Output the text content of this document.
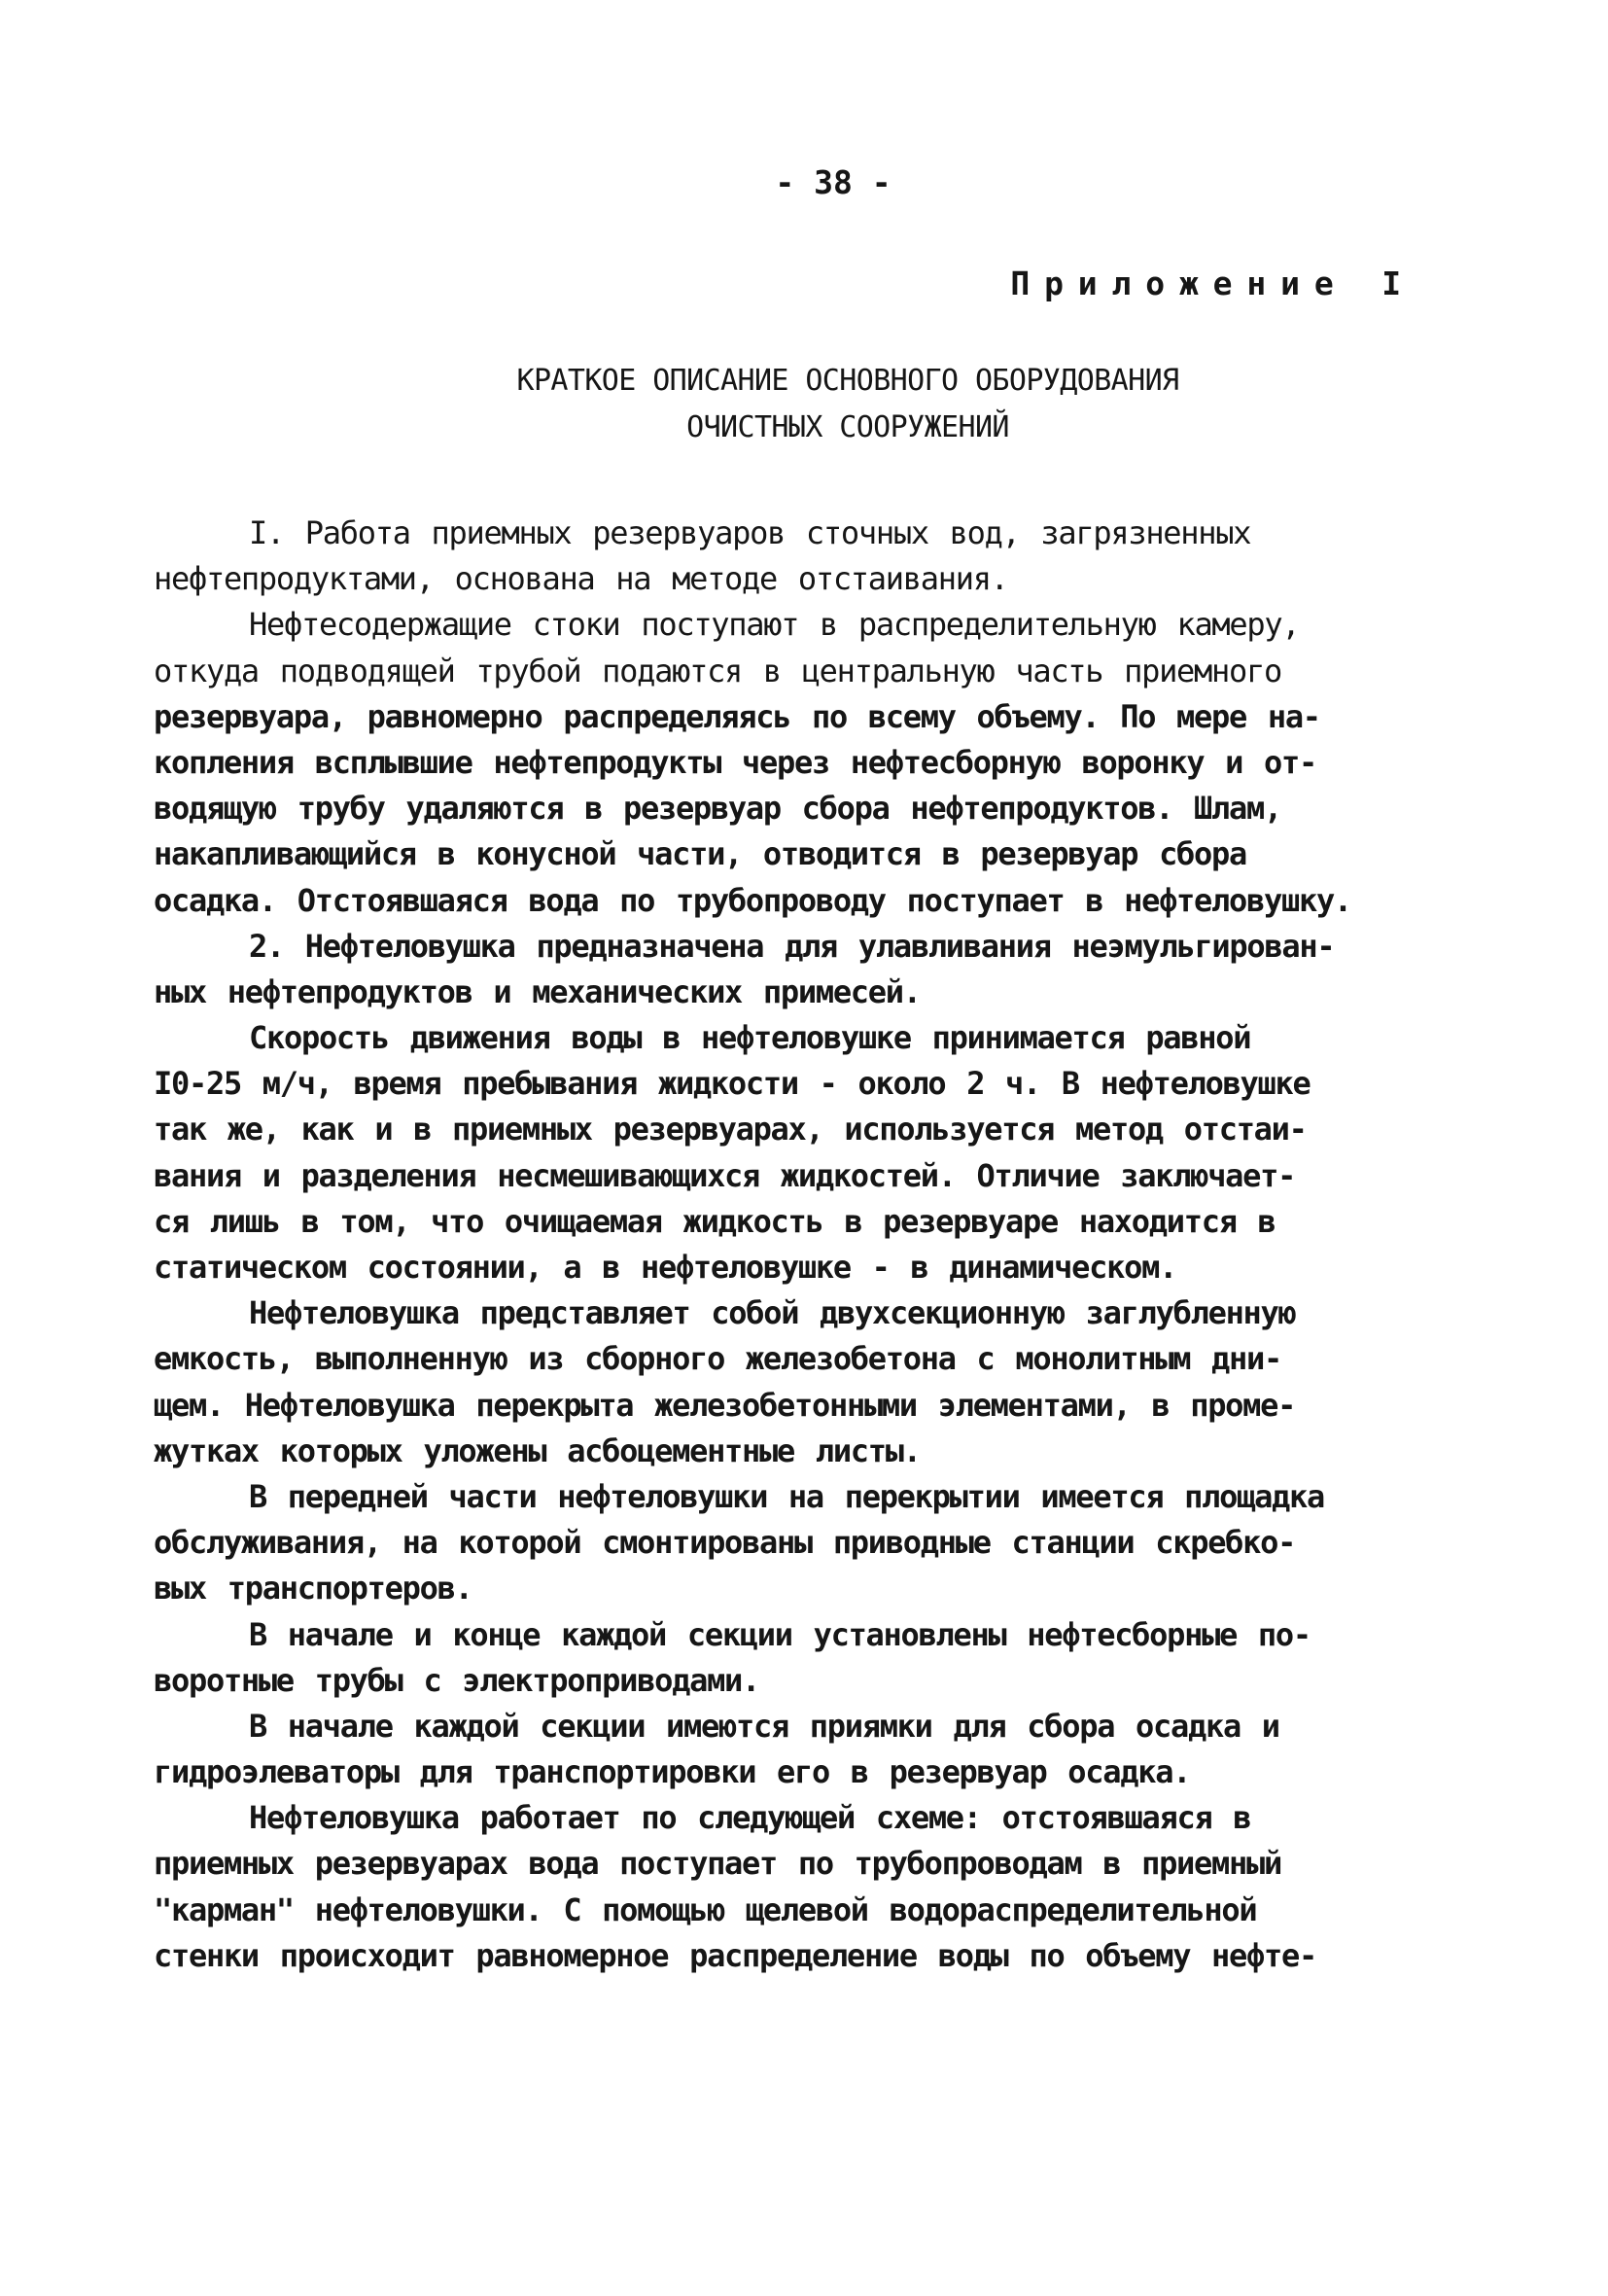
- 38 -
Приложение I
КРАТКОЕ ОПИСАНИЕ ОСНОВНОГО ОБОРУДОВАНИЯ
ОЧИСТНЫХ СООРУЖЕНИЙ
I. Работа приемных резервуаров сточных вод, загрязненных
нефтепродуктами, основана на методе отстаивания.
Нефтесодержащие стоки поступают в распределительную камеру,
откуда подводящей трубой подаются в центральную часть приемного
резервуара, равномерно распределяясь по всему объему. По мере на-
копления всплывшие нефтепродукты через нефтесборную воронку и от-
водящую трубу удаляются в резервуар сбора нефтепродуктов. Шлам,
накапливающийся в конусной части, отводится в резервуар сбора
осадка. Отстоявшаяся вода по трубопроводу поступает в нефтеловушку.
2. Нефтеловушка предназначена для улавливания неэмульгирован-
ных нефтепродуктов и механических примесей.
Скорость движения воды в нефтеловушке принимается равной
I0-25 м/ч, время пребывания жидкости - около 2 ч. В нефтеловушке
так же, как и в приемных резервуарах, используется метод отстаи-
вания и разделения несмешивающихся жидкостей. Отличие заключает-
ся лишь в том, что очищаемая жидкость в резервуаре находится в
статическом состоянии, а в нефтеловушке - в динамическом.
Нефтеловушка представляет собой двухсекционную заглубленную
емкость, выполненную из сборного железобетона с монолитным дни-
щем. Нефтеловушка перекрыта железобетонными элементами, в проме-
жутках которых уложены асбоцементные листы.
В передней части нефтеловушки на перекрытии имеется площадка
обслуживания, на которой смонтированы приводные станции скребко-
вых транспортеров.
В начале и конце каждой секции установлены нефтесборные по-
воротные трубы с электроприводами.
В начале каждой секции имеются приямки для сбора осадка и
гидроэлеваторы для транспортировки его в резервуар осадка.
Нефтеловушка работает по следующей схеме: отстоявшаяся в
приемных резервуарах вода поступает по трубопроводам в приемный
"карман" нефтеловушки. С помощью щелевой водораспределительной
стенки происходит равномерное распределение воды по объему нефте-
